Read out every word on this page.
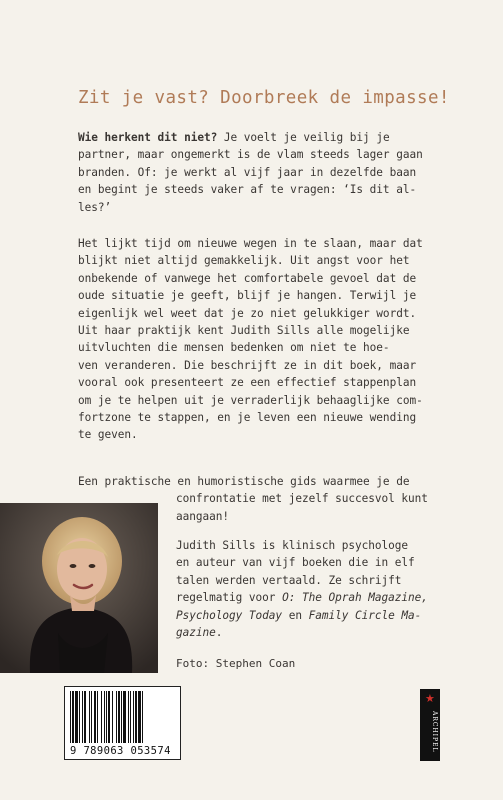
Zit je vast? Doorbreek de impasse!
Wie herkent dit niet? Je voelt je veilig bij je
partner, maar ongemerkt is de vlam steeds lager gaan
branden. Of: je werkt al vijf jaar in dezelfde baan
en begint je steeds vaker af te vragen: ‘Is dit al-
les?’
Het lijkt tijd om nieuwe wegen in te slaan, maar dat
blijkt niet altijd gemakkelijk. Uit angst voor het
onbekende of vanwege het comfortabele gevoel dat de
oude situatie je geeft, blijf je hangen. Terwijl je
eigenlijk wel weet dat je zo niet gelukkiger wordt.
Uit haar praktijk kent Judith Sills alle mogelijke
uitvluchten die mensen bedenken om niet te hoe-
ven veranderen. Die beschrijft ze in dit boek, maar
vooral ook presenteert ze een effectief stappenplan
om je te helpen uit je verraderlijk behaaglijke com-
fortzone te stappen, en je leven een nieuwe wending
te geven.
Een praktische en humoristische gids waarmee je de
confrontatie met jezelf succesvol kunt
aangaan!
Judith Sills is klinisch psychologe
en auteur van vijf boeken die in elf
talen werden vertaald. Ze schrijft
regelmatig voor O: The Oprah Magazine,
Psychology Today en Family Circle Ma-
gazine.

Foto: Stephen Coan

9 789063 053574

★
ARCHIPEL
